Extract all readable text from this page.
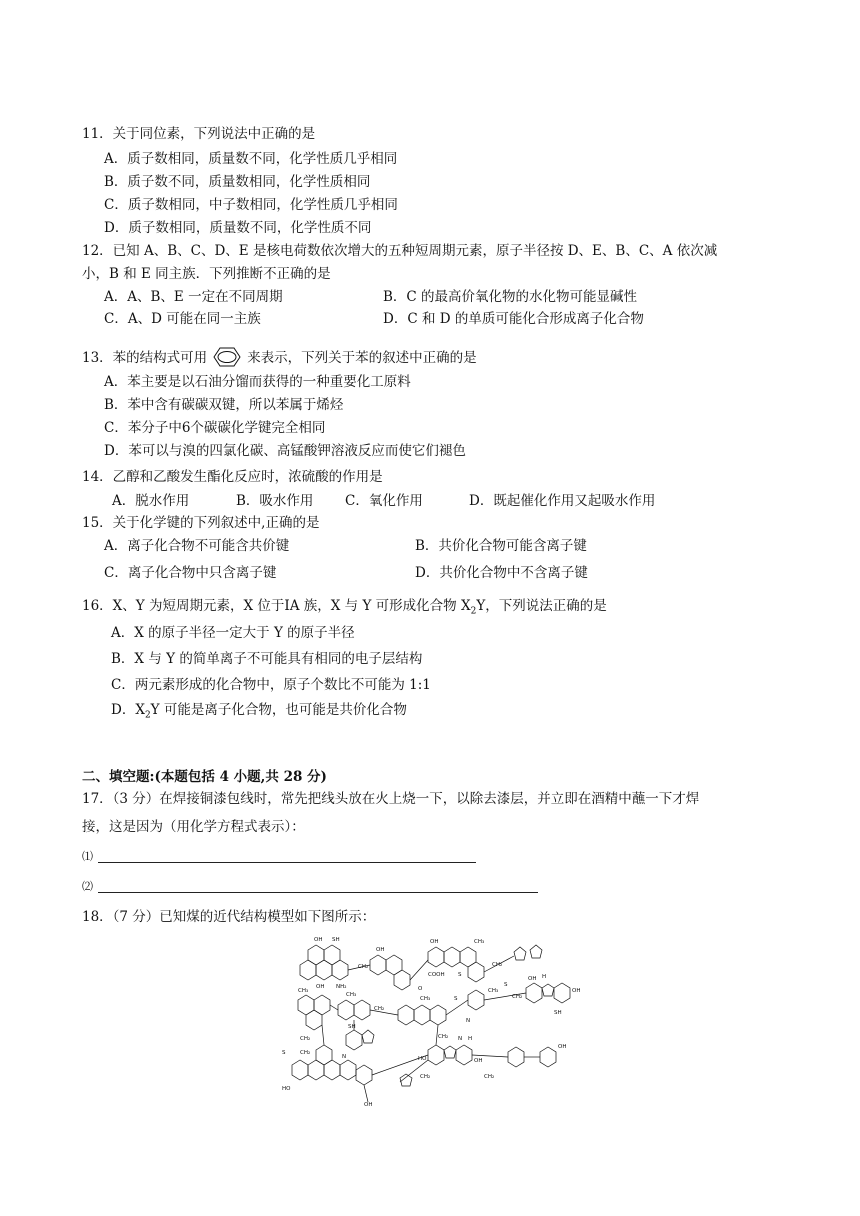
11．关于同位素，下列说法中正确的是
A．质子数相同，质量数不同，化学性质几乎相同
B．质子数不同，质量数相同，化学性质相同
C．质子数相同，中子数相同，化学性质几乎相同
D．质子数相同，质量数不同，化学性质不同
12．已知 A、B、C、D、E 是核电荷数依次增大的五种短周期元素，原子半径按 D、E、B、C、A 依次减
小，B 和 E 同主族．下列推断不正确的是
A．A、B、E 一定在不同周期	B．C 的最高价氧化物的水化物可能显碱性
C．A、D 可能在同一主族	D．C 和 D 的单质可能化合形成离子化合物
13．苯的结构式可用	来表示，下列关于苯的叙述中正确的是
A．苯主要是以石油分馏而获得的一种重要化工原料
B．苯中含有碳碳双键，所以苯属于烯烃
C．苯分子中6个碳碳化学键完全相同
D．苯可以与溴的四氯化碳、高锰酸钾溶液反应而使它们褪色
14．乙醇和乙酸发生酯化反应时，浓硫酸的作用是
A．脱水作用	B．吸水作用 C．氧化作用	D．既起催化作用又起吸水作用
15．关于化学键的下列叙述中,正确的是
A．离子化合物不可能含共价键	B．共价化合物可能含离子键
C．离子化合物中只含离子键	D．共价化合物中不含离子键
16．X、Y 为短周期元素，X 位于ⅠA 族，X 与 Y 可形成化合物 $X_2Y$，下列说法正确的是
A．X 的原子半径一定大于 Y 的原子半径
B．X 与 Y 的简单离子不可能具有相同的电子层结构
C．两元素形成的化合物中，原子个数比不可能为 1:1
D．$X_2Y$ 可能是离子化合物，也可能是共价化合物
二、填空题:(本题包括 4 小题,共 28 分)
17．（3 分）在焊接铜漆包线时，常先把线头放在火上烧一下，以除去漆层，并立即在酒精中蘸一下才焊
接，这是因为（用化学方程式表示）：
⑴
⑵
18．（7 分）已知煤的近代结构模型如下图所示：
OH SH
CH₂
OH NH₂
OH
OH	CH₃
COOH S
CH₂
S
CH₃
CH₂
OH H
OH
SH
CH₃
CH₃
CH₂
SH
CH₃
O
S
N
CH₂
S	CH₂
HO
N
OH
CH₂
HO
N H
OH
CH₂	CH₂
OH
